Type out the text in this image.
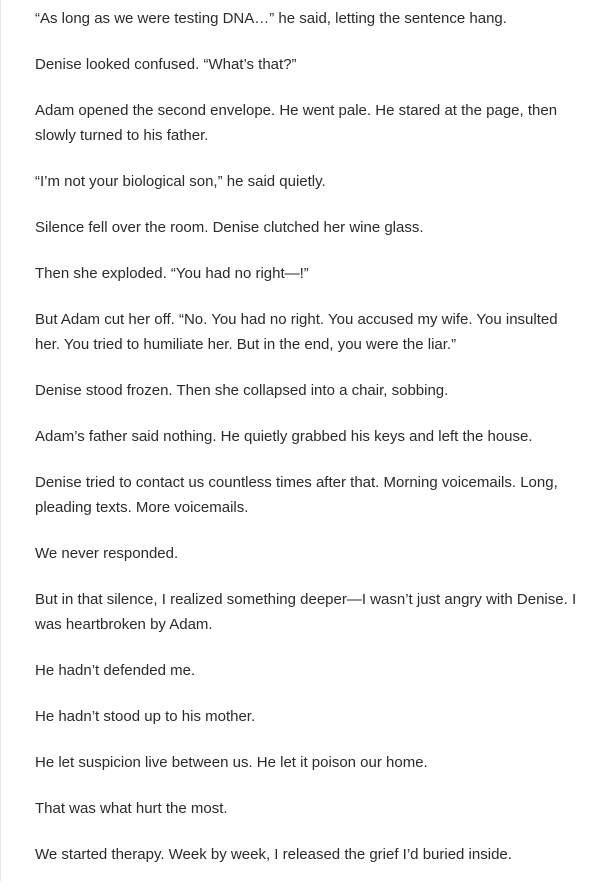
“As long as we were testing DNA…” he said, letting the sentence hang.

Denise looked confused. “What’s that?”

Adam opened the second envelope. He went pale. He stared at the page, then slowly turned to his father.

“I’m not your biological son,” he said quietly.

Silence fell over the room. Denise clutched her wine glass.

Then she exploded. “You had no right—!”

But Adam cut her off. “No. You had no right. You accused my wife. You insulted her. You tried to humiliate her. But in the end, you were the liar.”

Denise stood frozen. Then she collapsed into a chair, sobbing.

Adam’s father said nothing. He quietly grabbed his keys and left the house.

Denise tried to contact us countless times after that. Morning voicemails. Long, pleading texts. More voicemails.

We never responded.

But in that silence, I realized something deeper—I wasn’t just angry with Denise. I was heartbroken by Adam.

He hadn’t defended me.

He hadn’t stood up to his mother.

He let suspicion live between us. He let it poison our home.

That was what hurt the most.

We started therapy. Week by week, I released the grief I’d buried inside.
